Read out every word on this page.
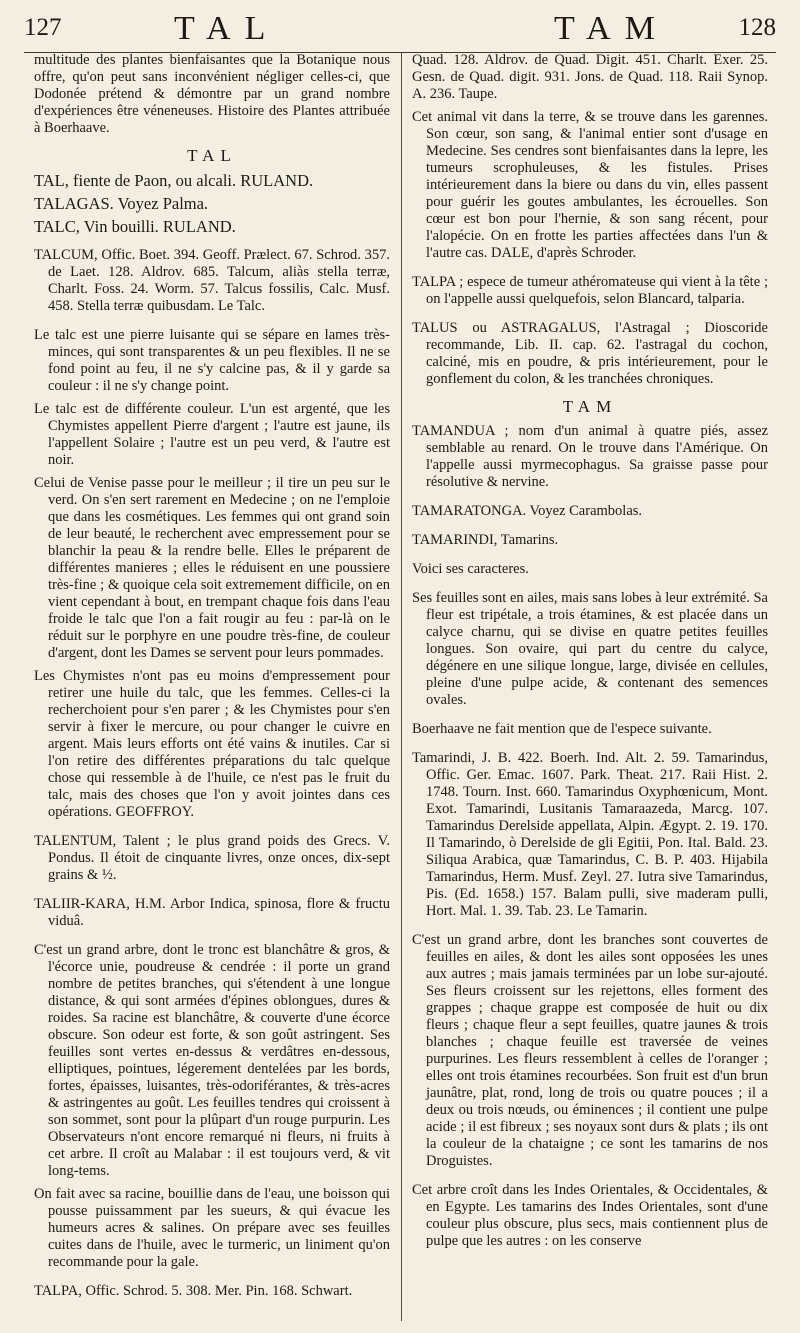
127	TAL	TAM	128

multitude des plantes bienfaisantes que la Botanique nous offre, qu'on peut sans inconvénient négliger celles-ci, que Dodonée prétend & démontre par un grand nombre d'expériences être véneneuses. Histoire des Plantes attribuée à Boerhaave.

TAL

TAL, fiente de Paon, ou alcali. RULAND.

TALAGAS. Voyez Palma.

TALC, Vin bouilli. RULAND.

TALCUM, Offic. Boet. 394. Geoff. Prælect. 67. Schrod. 357. de Laet. 128. Aldrov. 685. Talcum, aliàs stella terræ, Charlt. Foss. 24. Worm. 57. Talcus fossilis, Calc. Musf. 458. Stella terræ quibusdam. Le Talc.

Le talc est une pierre luisante qui se sépare en lames très-minces, qui sont transparentes & un peu flexibles. Il ne se fond point au feu, il ne s'y calcine pas, & il y garde sa couleur : il ne s'y change point.

Le talc est de différente couleur. L'un est argenté, que les Chymistes appellent Pierre d'argent ; l'autre est jaune, ils l'appellent Solaire ; l'autre est un peu verd, & l'autre est noir.

Celui de Venise passe pour le meilleur ; il tire un peu sur le verd. On s'en sert rarement en Medecine ; on ne l'emploie que dans les cosmétiques. Les femmes qui ont grand soin de leur beauté, le recherchent avec empressement pour se blanchir la peau & la rendre belle. Elles le préparent de différentes manieres ; elles le réduisent en une poussiere très-fine ; & quoique cela soit extremement difficile, on en vient cependant à bout, en trempant chaque fois dans l'eau froide le talc que l'on a fait rougir au feu : par-là on le réduit sur le porphyre en une poudre très-fine, de couleur d'argent, dont les Dames se servent pour leurs pommades.

Les Chymistes n'ont pas eu moins d'empressement pour retirer une huile du talc, que les femmes. Celles-ci la recherchoient pour s'en parer ; & les Chymistes pour s'en servir à fixer le mercure, ou pour changer le cuivre en argent. Mais leurs efforts ont été vains & inutiles. Car si l'on retire des différentes préparations du talc quelque chose qui ressemble à de l'huile, ce n'est pas le fruit du talc, mais des choses que l'on y avoit jointes dans ces opérations. GEOFFROY.

TALENTUM, Talent ; le plus grand poids des Grecs. V. Pondus. Il étoit de cinquante livres, onze onces, dix-sept grains & ½.

TALIIR-KARA, H.M. Arbor Indica, spinosa, flore & fructu viduâ.

C'est un grand arbre, dont le tronc est blanchâtre & gros, & l'écorce unie, poudreuse & cendrée : il porte un grand nombre de petites branches, qui s'étendent à une longue distance, & qui sont armées d'épines oblongues, dures & roides. Sa racine est blanchâtre, & couverte d'une écorce obscure. Son odeur est forte, & son goût astringent. Ses feuilles sont vertes en-dessus & verdâtres en-dessous, elliptiques, pointues, légerement dentelées par les bords, fortes, épaisses, luisantes, très-odoriférantes, & très-acres & astringentes au goût. Les feuilles tendres qui croissent à son sommet, sont pour la plûpart d'un rouge purpurin. Les Observateurs n'ont encore remarqué ni fleurs, ni fruits à cet arbre. Il croît au Malabar : il est toujours verd, & vit long-tems.

On fait avec sa racine, bouillie dans de l'eau, une boisson qui pousse puissamment par les sueurs, & qui évacue les humeurs acres & salines. On prépare avec ses feuilles cuites dans de l'huile, avec le turmeric, un liniment qu'on recommande pour la gale.

TALPA, Offic. Schrod. 5. 308. Mer. Pin. 168. Schwart.

Quad. 128. Aldrov. de Quad. Digit. 451. Charlt. Exer. 25. Gesn. de Quad. digit. 931. Jons. de Quad. 118. Raii Synop. A. 236. Taupe.

Cet animal vit dans la terre, & se trouve dans les garennes. Son cœur, son sang, & l'animal entier sont d'usage en Medecine. Ses cendres sont bienfaisantes dans la lepre, les tumeurs scrophuleuses, & les fistules. Prises intérieurement dans la biere ou dans du vin, elles passent pour guérir les goutes ambulantes, les écrouelles. Son cœur est bon pour l'hernie, & son sang récent, pour l'alopécie. On en frotte les parties affectées dans l'un & l'autre cas. DALE, d'après Schroder.

TALPA ; espece de tumeur athéromateuse qui vient à la tête ; on l'appelle aussi quelquefois, selon Blancard, talparia.

TALUS ou ASTRAGALUS, l'Astragal ; Dioscoride recommande, Lib. II. cap. 62. l'astragal du cochon, calciné, mis en poudre, & pris intérieurement, pour le gonflement du colon, & les tranchées chroniques.

TAM

TAMANDUA ; nom d'un animal à quatre piés, assez semblable au renard. On le trouve dans l'Amérique. On l'appelle aussi myrmecophagus. Sa graisse passe pour résolutive & nervine.

TAMARATONGA. Voyez Carambolas.

TAMARINDI, Tamarins.

Voici ses caracteres.

Ses feuilles sont en ailes, mais sans lobes à leur extrémité. Sa fleur est tripétale, a trois étamines, & est placée dans un calyce charnu, qui se divise en quatre petites feuilles longues. Son ovaire, qui part du centre du calyce, dégénere en une silique longue, large, divisée en cellules, pleine d'une pulpe acide, & contenant des semences ovales.

Boerhaave ne fait mention que de l'espece suivante.

Tamarindi, J. B. 422. Boerh. Ind. Alt. 2. 59. Tamarindus, Offic. Ger. Emac. 1607. Park. Theat. 217. Raii Hist. 2. 1748. Tourn. Inst. 660. Tamarindus Oxyphœnicum, Mont. Exot. Tamarindi, Lusitanis Tamaraazeda, Marcg. 107. Tamarindus Derelside appellata, Alpin. Ægypt. 2. 19. 170. Il Tamarindo, ò Derelside de gli Egitii, Pon. Ital. Bald. 23. Siliqua Arabica, quæ Tamarindus, C. B. P. 403. Hijabila Tamarindus, Herm. Musf. Zeyl. 27. Iutra sive Tamarindus, Pis. (Ed. 1658.) 157. Balam pulli, sive maderam pulli, Hort. Mal. 1. 39. Tab. 23. Le Tamarin.

C'est un grand arbre, dont les branches sont couvertes de feuilles en ailes, & dont les ailes sont opposées les unes aux autres ; mais jamais terminées par un lobe sur-ajouté. Ses fleurs croissent sur les rejettons, elles forment des grappes ; chaque grappe est composée de huit ou dix fleurs ; chaque fleur a sept feuilles, quatre jaunes & trois blanches ; chaque feuille est traversée de veines purpurines. Les fleurs ressemblent à celles de l'oranger ; elles ont trois étamines recourbées. Son fruit est d'un brun jaunâtre, plat, rond, long de trois ou quatre pouces ; il a deux ou trois nœuds, ou éminences ; il contient une pulpe acide ; il est fibreux ; ses noyaux sont durs & plats ; ils ont la couleur de la chataigne ; ce sont les tamarins de nos Droguistes.

Cet arbre croît dans les Indes Orientales, & Occidentales, & en Egypte. Les tamarins des Indes Orientales, sont d'une couleur plus obscure, plus secs, mais contiennent plus de pulpe que les autres : on les conserve
